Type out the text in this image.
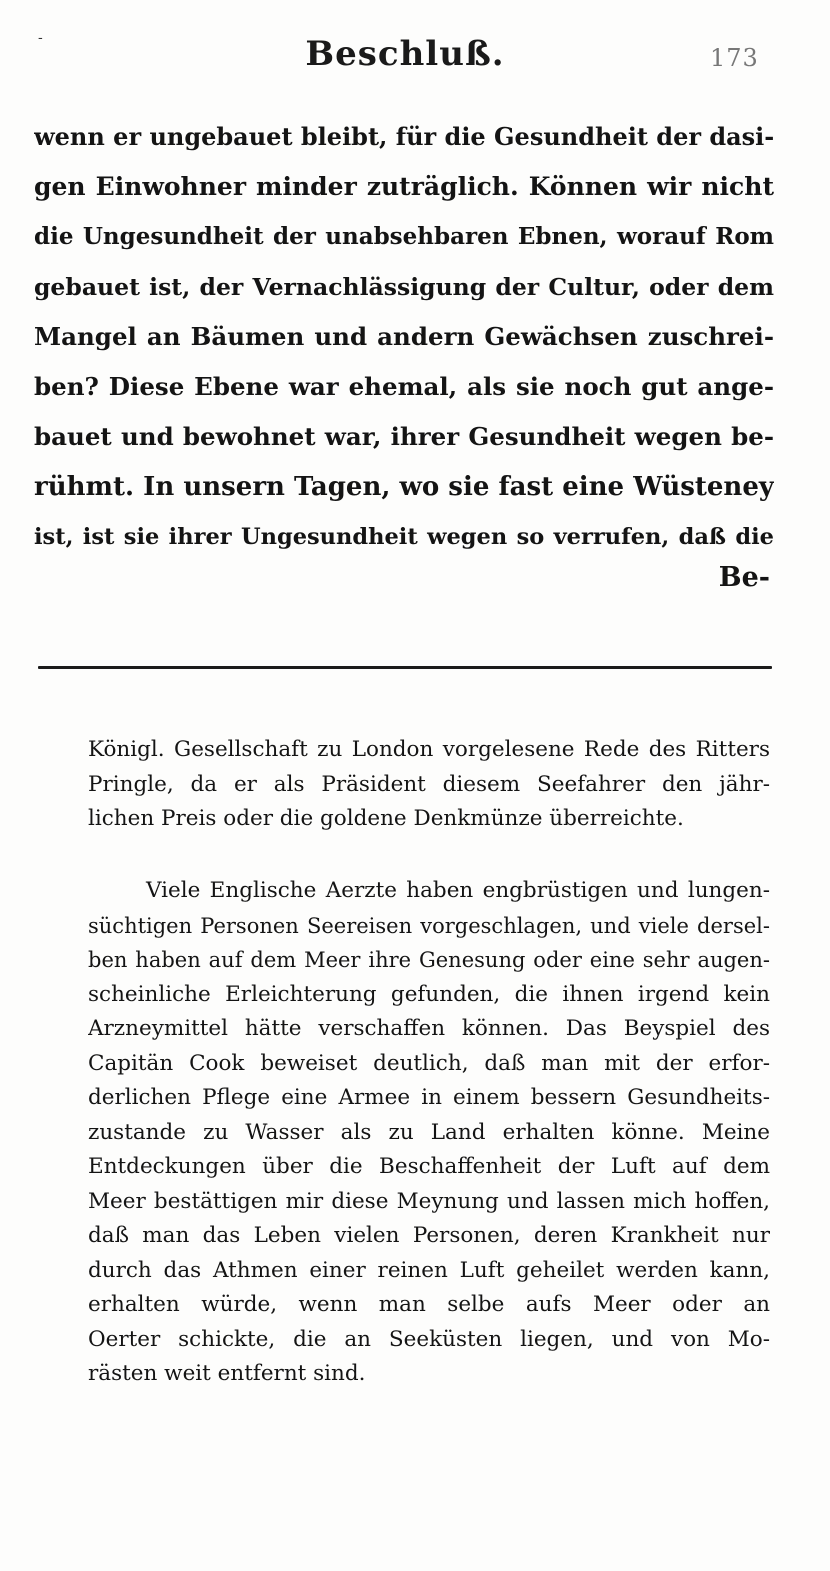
-	Beschluß.	173
wenn er ungebauet bleibt, für die Gesundheit der dasi-
gen Einwohner minder zuträglich. Können wir nicht
die Ungesundheit der unabsehbaren Ebnen, worauf Rom
gebauet ist, der Vernachlässigung der Cultur, oder dem
Mangel an Bäumen und andern Gewächsen zuschrei-
ben? Diese Ebene war ehemal, als sie noch gut ange-
bauet und bewohnet war, ihrer Gesundheit wegen be-
rühmt. In unsern Tagen, wo sie fast eine Wüsteney
ist, ist sie ihrer Ungesundheit wegen so verrufen, daß die
Be-
Königl. Gesellschaft zu London vorgelesene Rede des Ritters
Pringle, da er als Präsident diesem Seefahrer den jähr-
lichen Preis oder die goldene Denkmünze überreichte.
Viele Englische Aerzte haben engbrüstigen und lungen-
süchtigen Personen Seereisen vorgeschlagen, und viele dersel-
ben haben auf dem Meer ihre Genesung oder eine sehr augen-
scheinliche Erleichterung gefunden, die ihnen irgend kein
Arzneymittel hätte verschaffen können. Das Beyspiel des
Capitän Cook beweiset deutlich, daß man mit der erfor-
derlichen Pflege eine Armee in einem bessern Gesundheits-
zustande zu Wasser als zu Land erhalten könne. Meine
Entdeckungen über die Beschaffenheit der Luft auf dem
Meer bestättigen mir diese Meynung und lassen mich hoffen,
daß man das Leben vielen Personen, deren Krankheit nur
durch das Athmen einer reinen Luft geheilet werden kann,
erhalten würde, wenn man selbe aufs Meer oder an
Oerter schickte, die an Seeküsten liegen, und von Mo-
rästen weit entfernt sind.
